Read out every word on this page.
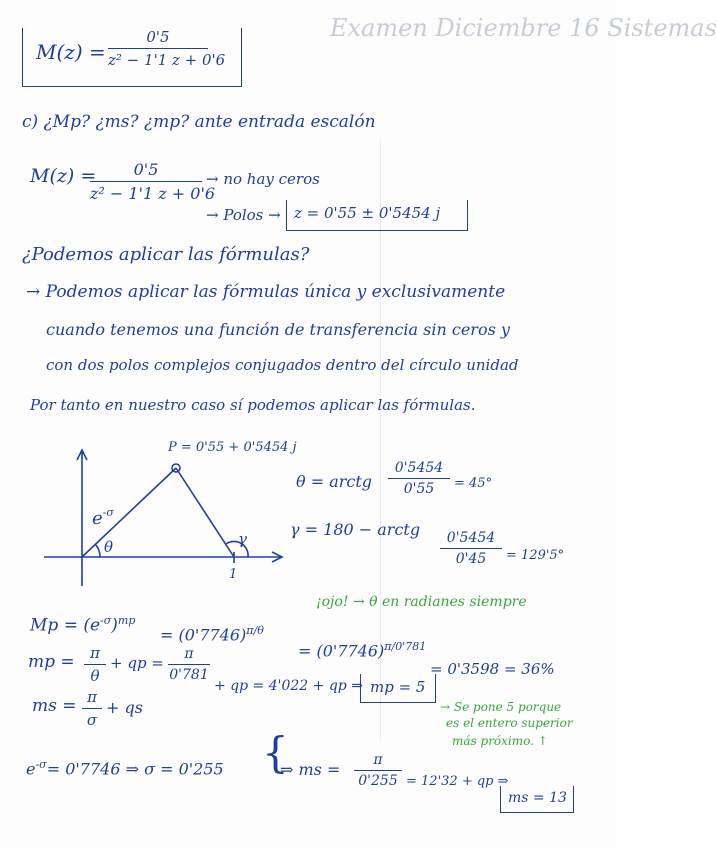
Examen Diciembre 16 Sistemas
M(z) =
0'5
z² − 1'1 z + 0'6
c) ¿Mp? ¿ms? ¿mp? ante entrada escalón
M(z) =	0'5
z² − 1'1 z + 0'6
→ no hay ceros
→ Polos → z = 0'55 ± 0'5454 j
¿Podemos aplicar las fórmulas?
→ Podemos aplicar las fórmulas única y exclusivamente
cuando tenemos una función de transferencia sin ceros y
con dos polos complejos conjugados dentro del círculo unidad
Por tanto en nuestro caso sí podemos aplicar las fórmulas.
$e^{-\sigma}$
θ	γ
1
P = 0'55 + 0'5454 j
θ = arctg
0'5454
0'55	= 45°
γ = 180 − arctg	0'5454
0'45	= 129'5°
¡ojo! → θ en radianes siempre
$Mp = (e^{-\sigma})^{mp}$
= $(0'7746)^{\pi/\theta}$
= $(0'7746)^{\pi/0'781}$
= 0'3598 = 36%
mp =	π
θ
+ qp =	π
0'781
+ qp = 4'022 + qp ⇒ mp = 5
ms = π
σ
+ qs	→ Se pone 5 porque
es el entero superior
más próximo. ↑
{
$e^{-\sigma}= 0'7746$ ⇒ σ = 0'255	⇒ ms =	π
0'255 = 12'32 + qp ⇒
ms = 13
